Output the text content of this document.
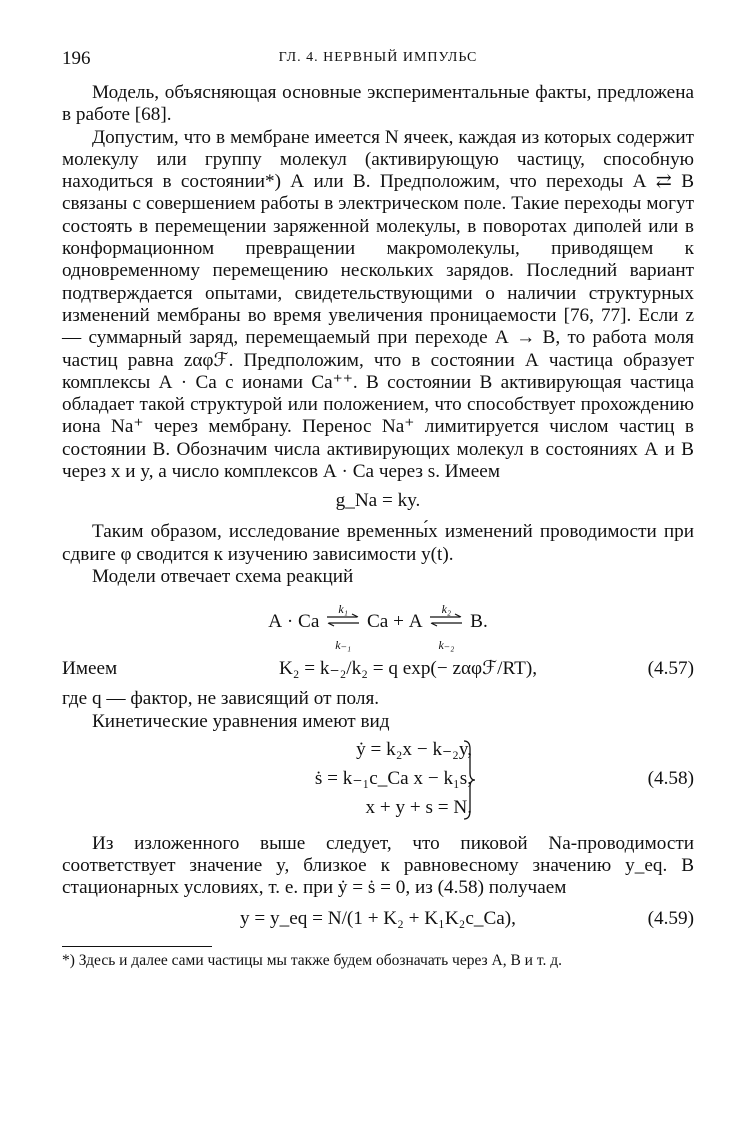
196	ГЛ. 4. НЕРВНЫЙ ИМПУЛЬС

Модель, объясняющая основные экспериментальные факты, предложена в работе [68].

Допустим, что в мембране имеется N ячеек, каждая из которых содержит молекулу или группу молекул (активирующую частицу, способную находиться в состоянии*) А или В. Предположим, что переходы А ⇄ В связаны с совершением работы в электрическом поле. Такие переходы могут состоять в перемещении заряженной молекулы, в поворотах диполей или в конформационном превращении макромолекулы, приводящем к одновременному перемещению нескольких зарядов. Последний вариант подтверждается опытами, свидетельствующими о наличии структурных изменений мембраны во время увеличения проницаемости [76, 77]. Если z — суммарный заряд, перемещаемый при переходе А → В, то работа моля частиц равна zαφℱ. Предположим, что в состоянии А частица образует комплексы А · Са с ионами Са⁺⁺. В состоянии В активирующая частица обладает такой структурой или положением, что способствует прохождению иона Na⁺ через мембрану. Перенос Na⁺ лимитируется числом частиц в состоянии В. Обозначим числа активирующих молекул в состояниях А и В через x и y, а число комплексов А · Са через s. Имеем

g_Na = ky.

Таким образом, исследование временны́х изменений проводимости при сдвиге φ сводится к изучению зависимости y(t).

Модели отвечает схема реакций

А · Са
k₁
k₋₁
Са + А
k₂
k₋₂
В.
Имеем	K₂ = k₋₂/k₂ = q exp(− zαφℱ/RT),	(4.57)

где q — фактор, не зависящий от поля.

Кинетические уравнения имеют вид

ẏ = k₂x − k₋₂y,
ṡ = k₋₁c_Ca x − k₁s,
x + y + s = N.
(4.58)

Из изложенного выше следует, что пиковой Na-проводимости соответствует значение y, близкое к равновесному значению y_eq. В стационарных условиях, т. е. при ẏ = ṡ = 0, из (4.58) получаем

y = y_eq = N/(1 + K₂ + K₁K₂c_Ca),	(4.59)
*) Здесь и далее сами частицы мы также будем обозначать через А, В и т. д.
